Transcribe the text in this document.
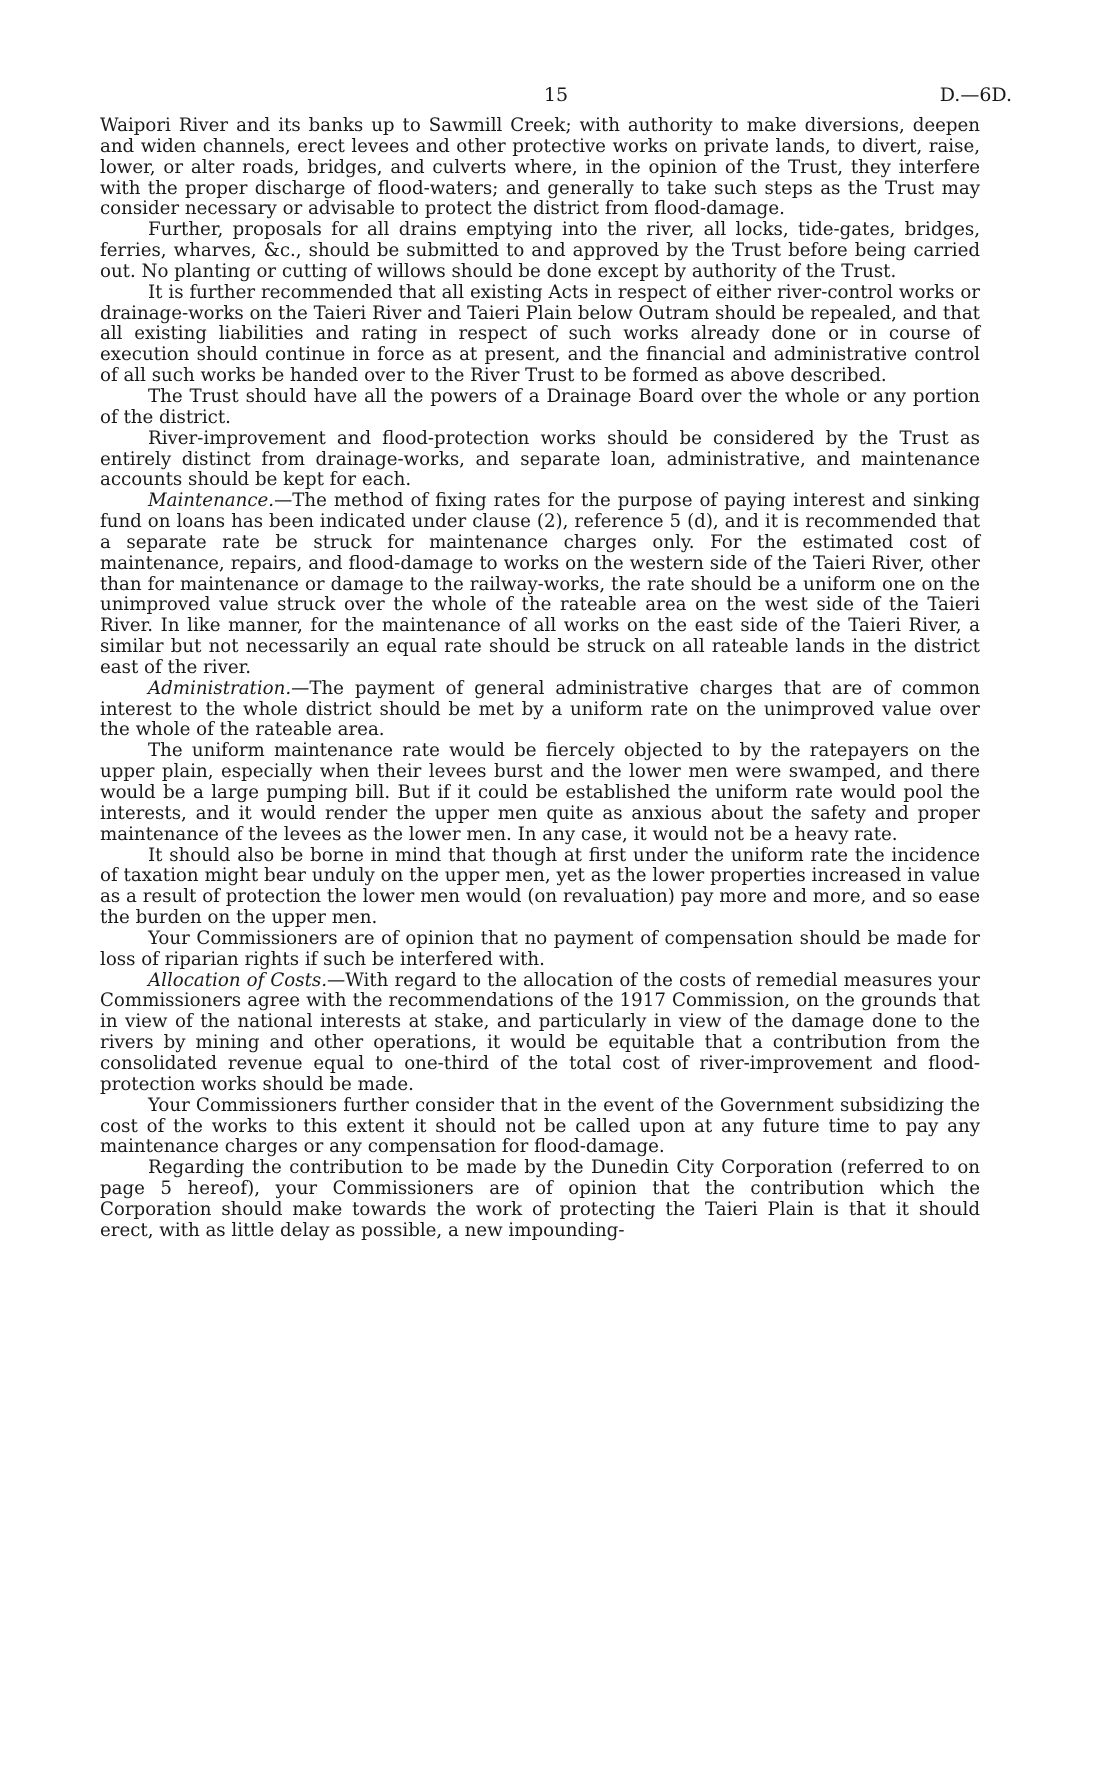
15	D.—6D.

Waipori River and its banks up to Sawmill Creek; with authority to make diversions, deepen and widen channels, erect levees and other protective works on private lands, to divert, raise, lower, or alter roads, bridges, and culverts where, in the opinion of the Trust, they interfere with the proper discharge of flood-waters; and generally to take such steps as the Trust may consider necessary or advisable to protect the district from flood-damage.

Further, proposals for all drains emptying into the river, all locks, tide-gates, bridges, ferries, wharves, &c., should be submitted to and approved by the Trust before being carried out. No planting or cutting of willows should be done except by authority of the Trust.

It is further recommended that all existing Acts in respect of either river-control works or drainage-works on the Taieri River and Taieri Plain below Outram should be repealed, and that all existing liabilities and rating in respect of such works already done or in course of execution should continue in force as at present, and the financial and administrative control of all such works be handed over to the River Trust to be formed as above described.

The Trust should have all the powers of a Drainage Board over the whole or any portion of the district.

River-improvement and flood-protection works should be considered by the Trust as entirely distinct from drainage-works, and separate loan, administrative, and maintenance accounts should be kept for each.

Maintenance.—The method of fixing rates for the purpose of paying interest and sinking fund on loans has been indicated under clause (2), reference 5 (d), and it is recommended that a separate rate be struck for maintenance charges only. For the estimated cost of maintenance, repairs, and flood-damage to works on the western side of the Taieri River, other than for maintenance or damage to the railway-works, the rate should be a uniform one on the unimproved value struck over the whole of the rateable area on the west side of the Taieri River. In like manner, for the maintenance of all works on the east side of the Taieri River, a similar but not necessarily an equal rate should be struck on all rateable lands in the district east of the river.

Administration.—The payment of general administrative charges that are of common interest to the whole district should be met by a uniform rate on the unimproved value over the whole of the rateable area.

The uniform maintenance rate would be fiercely objected to by the ratepayers on the upper plain, especially when their levees burst and the lower men were swamped, and there would be a large pumping bill. But if it could be established the uniform rate would pool the interests, and it would render the upper men quite as anxious about the safety and proper maintenance of the levees as the lower men. In any case, it would not be a heavy rate.

It should also be borne in mind that though at first under the uniform rate the incidence of taxation might bear unduly on the upper men, yet as the lower properties increased in value as a result of protection the lower men would (on revaluation) pay more and more, and so ease the burden on the upper men.

Your Commissioners are of opinion that no payment of compensation should be made for loss of riparian rights if such be interfered with.

Allocation of Costs.—With regard to the allocation of the costs of remedial measures your Commissioners agree with the recommendations of the 1917 Commission, on the grounds that in view of the national interests at stake, and particularly in view of the damage done to the rivers by mining and other operations, it would be equitable that a contribution from the consolidated revenue equal to one-third of the total cost of river-improvement and flood-protection works should be made.

Your Commissioners further consider that in the event of the Government subsidizing the cost of the works to this extent it should not be called upon at any future time to pay any maintenance charges or any compensation for flood-damage.

Regarding the contribution to be made by the Dunedin City Corporation (referred to on page 5 hereof), your Commissioners are of opinion that the contribution which the Corporation should make towards the work of protecting the Taieri Plain is that it should erect, with as little delay as possible, a new impounding-
